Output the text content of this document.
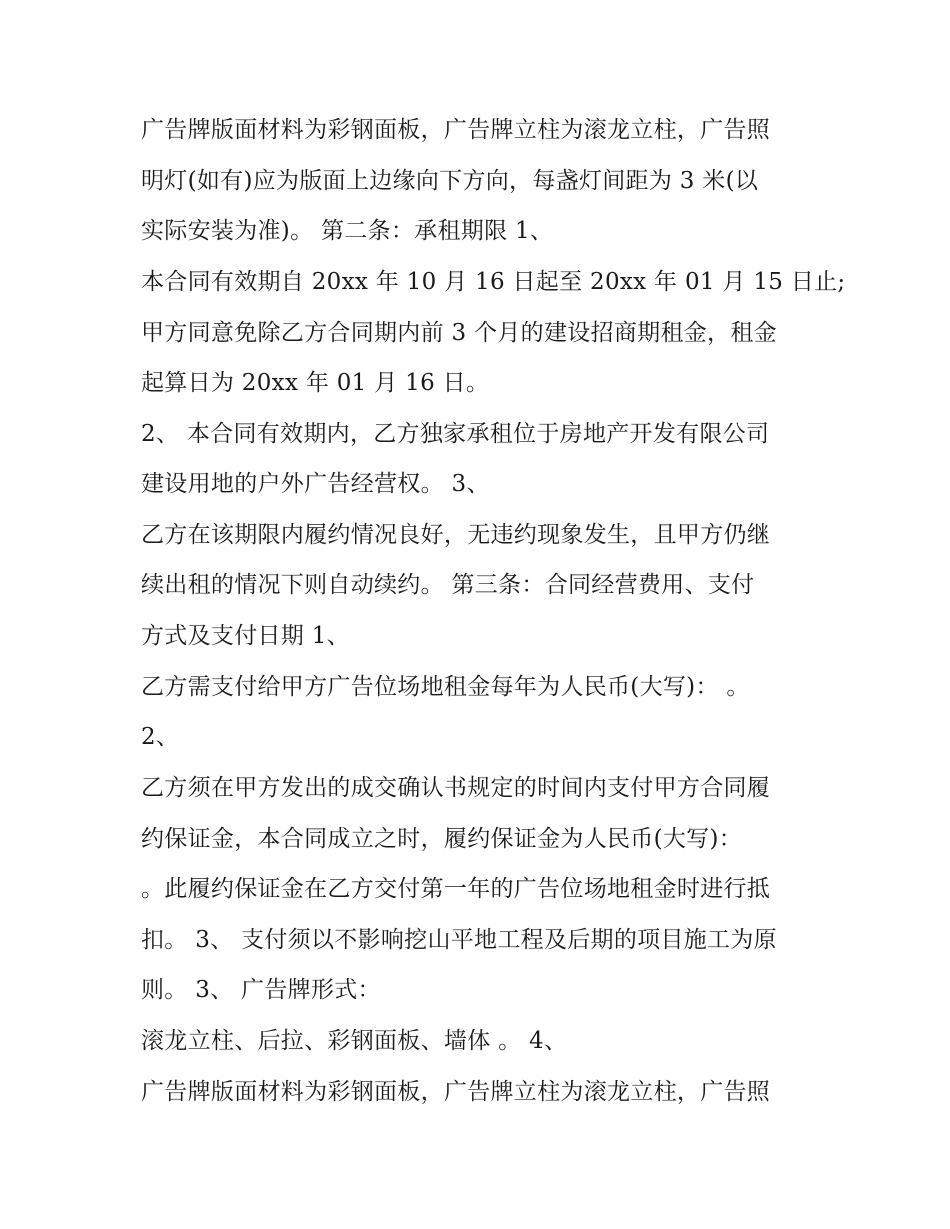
广告牌版面材料为彩钢面板，广告牌立柱为滚龙立柱，广告照
明灯(如有)应为版面上边缘向下方向，每盏灯间距为 3 米(以
实际安装为准)。 第二条：承租期限 1、
本合同有效期自 20xx 年 10 月 16 日起至 20xx 年 01 月 15 日止;
甲方同意免除乙方合同期内前 3 个月的建设招商期租金，租金
起算日为 20xx 年 01 月 16 日。
2、 本合同有效期内，乙方独家承租位于房地产开发有限公司
建设用地的户外广告经营权。 3、
乙方在该期限内履约情况良好，无违约现象发生，且甲方仍继
续出租的情况下则自动续约。 第三条：合同经营费用、支付
方式及支付日期 1、
乙方需支付给甲方广告位场地租金每年为人民币(大写)： 。
2、
乙方须在甲方发出的成交确认书规定的时间内支付甲方合同履
约保证金，本合同成立之时，履约保证金为人民币(大写)：
。此履约保证金在乙方交付第一年的广告位场地租金时进行抵
扣。 3、 支付须以不影响挖山平地工程及后期的项目施工为原
则。 3、 广告牌形式：
滚龙立柱、后拉、彩钢面板、墙体 。 4、
广告牌版面材料为彩钢面板，广告牌立柱为滚龙立柱，广告照
